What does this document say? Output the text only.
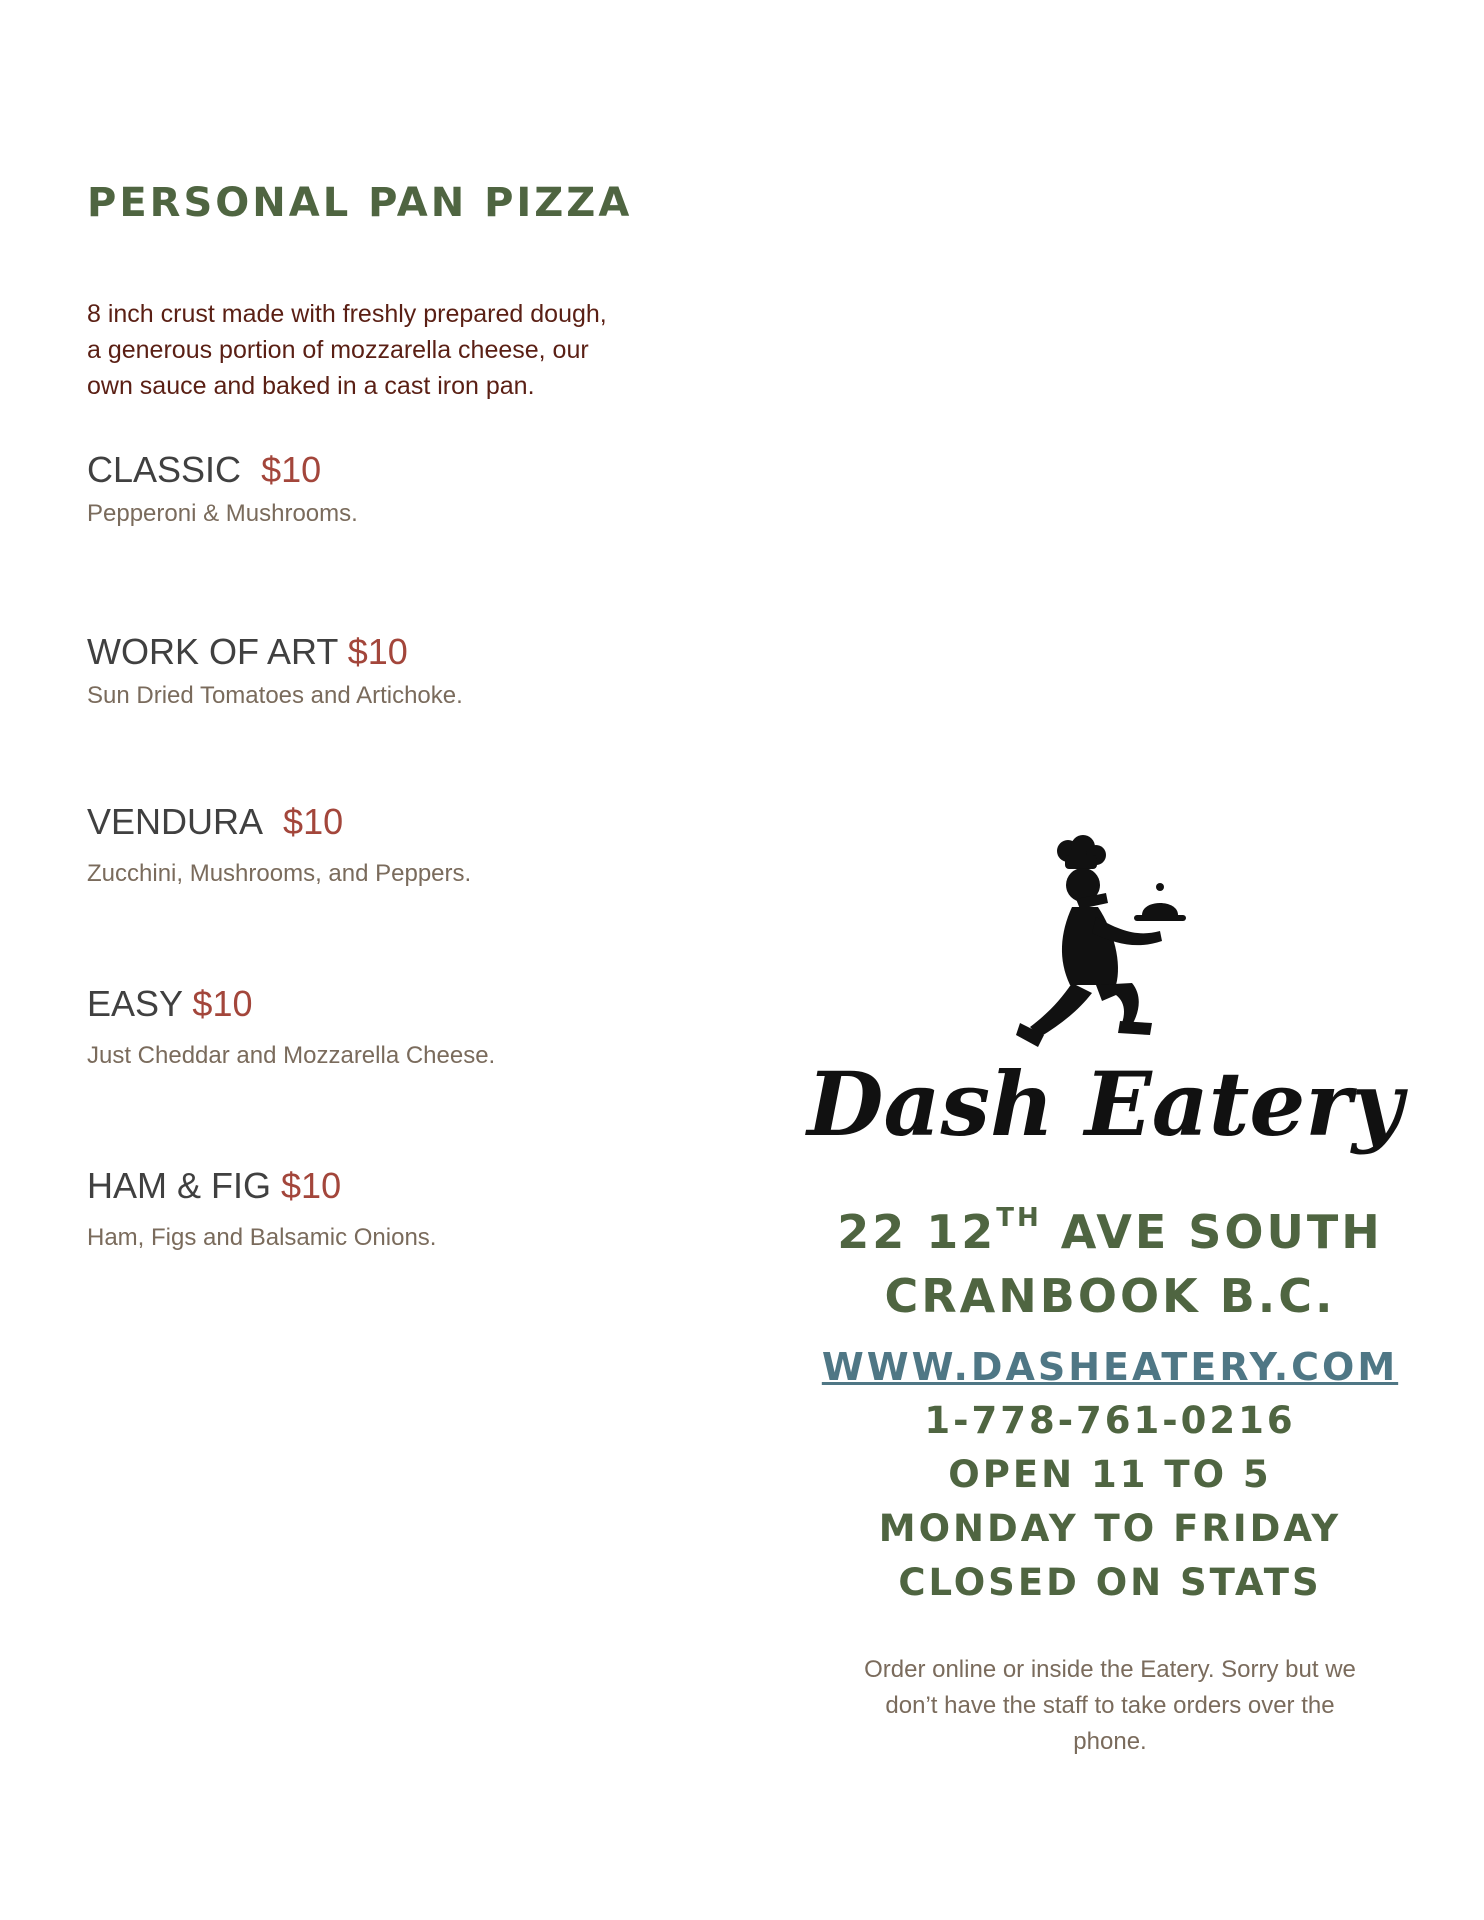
PERSONAL PAN PIZZA

8 inch crust made with freshly prepared dough,
a generous portion of mozzarella cheese, our
own sauce and baked in a cast iron pan.

CLASSIC $10
Pepperoni & Mushrooms.
WORK OF ART $10
Sun Dried Tomatoes and Artichoke.
VENDURA $10
Zucchini, Mushrooms, and Peppers.
EASY $10
Just Cheddar and Mozzarella Cheese.
HAM & FIG $10
Ham, Figs and Balsamic Onions.
Dash Eatery
22 12TH AVE SOUTH
CRANBOOK B.C.
WWW.DASHEATERY.COM
1-778-761-0216
OPEN 11 TO 5
MONDAY TO FRIDAY
CLOSED ON STATS

Order online or inside the Eatery. Sorry but we
don’t have the staff to take orders over the
phone.
